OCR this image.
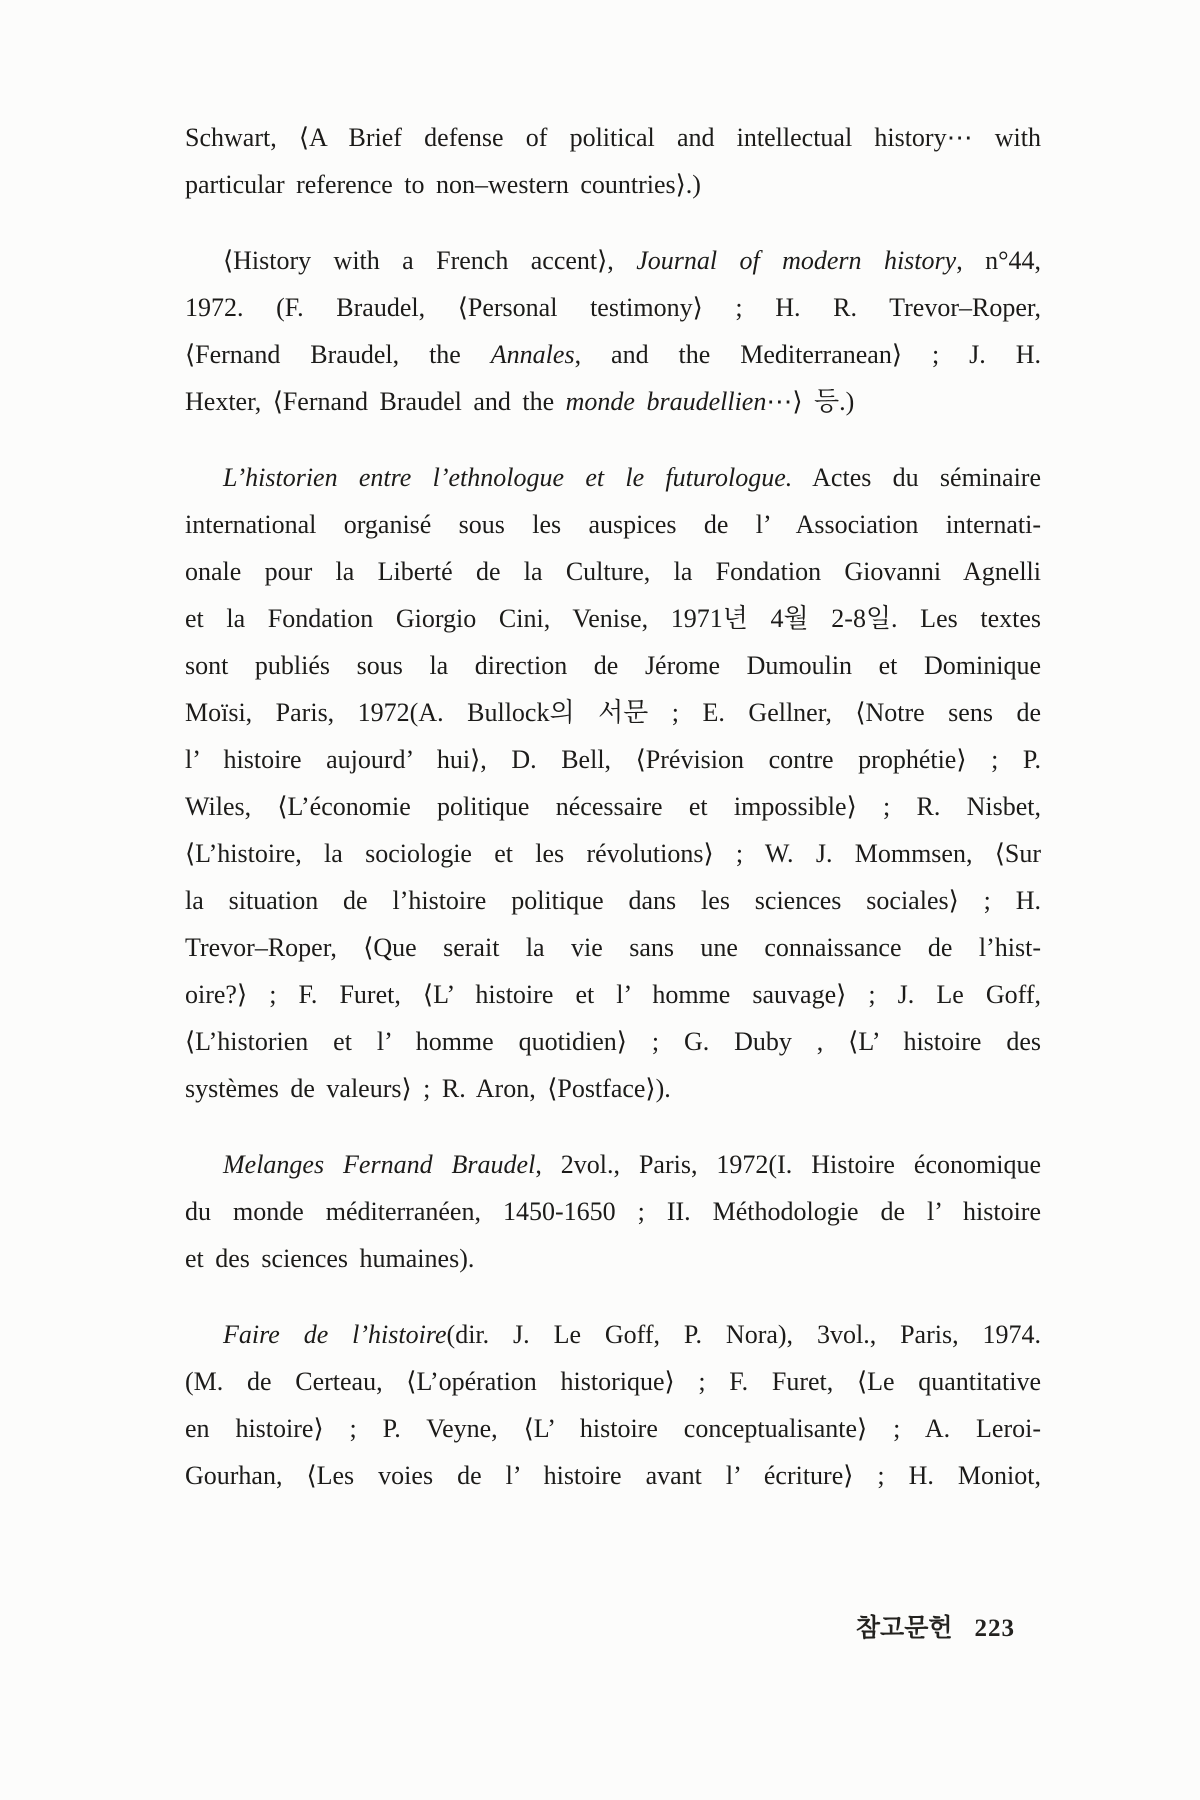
Schwart, ⟨A Brief defense of political and intellectual history⋯ with
particular reference to non–western countries⟩.)
⟨History with a French accent⟩, Journal of modern history, n°44,
1972. (F. Braudel, ⟨Personal testimony⟩ ; H. R. Trevor–Roper,
⟨Fernand Braudel, the Annales, and the Mediterranean⟩ ; J. H.
Hexter, ⟨Fernand Braudel and the monde braudellien⋯⟩ 등.)
L’historien entre l’ethnologue et le futurologue. Actes du séminaire
international organisé sous les auspices de l’ Association internati-
onale pour la Liberté de la Culture, la Fondation Giovanni Agnelli
et la Fondation Giorgio Cini, Venise, 1971년 4월 2-8일. Les textes
sont publiés sous la direction de Jérome Dumoulin et Dominique
Moïsi, Paris, 1972(A. Bullock의 서문 ; E. Gellner, ⟨Notre sens de
l’ histoire aujourd’ hui⟩, D. Bell, ⟨Prévision contre prophétie⟩ ; P.
Wiles, ⟨L’économie politique nécessaire et impossible⟩ ; R. Nisbet,
⟨L’histoire, la sociologie et les révolutions⟩ ; W. J. Mommsen, ⟨Sur
la situation de l’histoire politique dans les sciences sociales⟩ ; H.
Trevor–Roper, ⟨Que serait la vie sans une connaissance de l’hist-
oire?⟩ ; F. Furet, ⟨L’ histoire et l’ homme sauvage⟩ ; J. Le Goff,
⟨L’historien et l’ homme quotidien⟩ ; G. Duby , ⟨L’ histoire des
systèmes de valeurs⟩ ; R. Aron, ⟨Postface⟩).
Melanges Fernand Braudel, 2vol., Paris, 1972(I. Histoire économique
du monde méditerranéen, 1450-1650 ; II. Méthodologie de l’ histoire
et des sciences humaines).
Faire de l’histoire(dir. J. Le Goff, P. Nora), 3vol., Paris, 1974.
(M. de Certeau, ⟨L’opération historique⟩ ; F. Furet, ⟨Le quantitative
en histoire⟩ ; P. Veyne, ⟨L’ histoire conceptualisante⟩ ; A. Leroi-
Gourhan, ⟨Les voies de l’ histoire avant l’ écriture⟩ ; H. Moniot,
참고문헌 223
